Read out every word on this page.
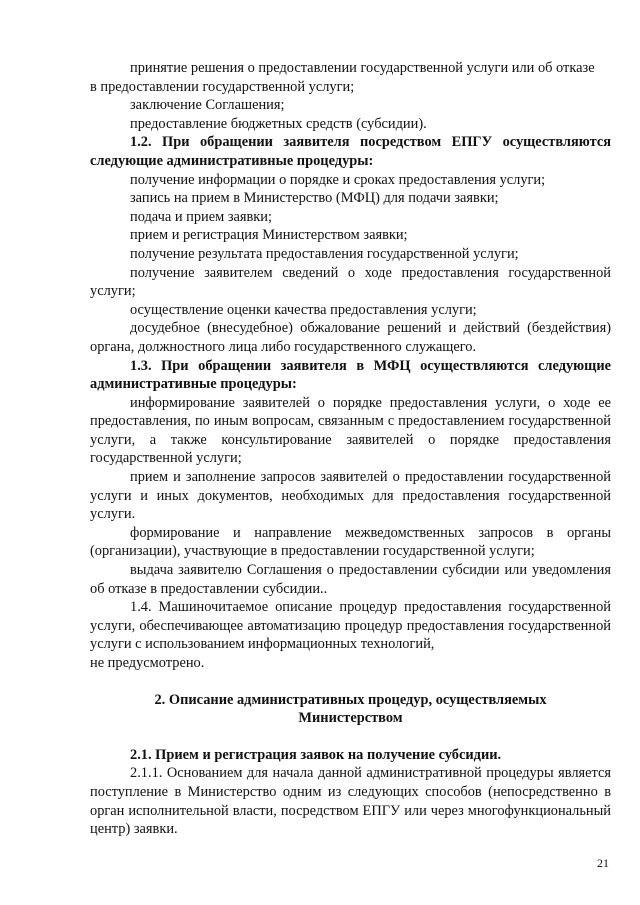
принятие решения о предоставлении государственной услуги или об отказе

в предоставлении государственной услуги;

заключение Соглашения;

предоставление бюджетных средств (субсидии).

1.2. При обращении заявителя посредством ЕПГУ осуществляются следующие административные процедуры:

получение информации о порядке и сроках предоставления услуги;

запись на прием в Министерство (МФЦ) для подачи заявки;

подача и прием заявки;

прием и регистрация Министерством заявки;

получение результата предоставления государственной услуги;

получение заявителем сведений о ходе предоставления государственной услуги;

осуществление оценки качества предоставления услуги;

досудебное (внесудебное) обжалование решений и действий (бездействия) органа, должностного лица либо государственного служащего.

1.3. При обращении заявителя в МФЦ осуществляются следующие административные процедуры:

информирование заявителей о порядке предоставления услуги, о ходе ее предоставления, по иным вопросам, связанным с предоставлением государственной услуги, а также консультирование заявителей о порядке предоставления государственной услуги;

прием и заполнение запросов заявителей о предоставлении государственной услуги и иных документов, необходимых для предоставления государственной услуги.

формирование и направление межведомственных запросов в органы (организации), участвующие в предоставлении государственной услуги;

выдача заявителю Соглашения о предоставлении субсидии или уведомления об отказе в предоставлении субсидии..

1.4. Машиночитаемое описание процедур предоставления государственной услуги, обеспечивающее автоматизацию процедур предоставления государственной услуги с использованием информационных технологий,

не предусмотрено.

2. Описание административных процедур, осуществляемых

Министерством

2.1. Прием и регистрация заявок на получение субсидии.

2.1.1. Основанием для начала данной административной процедуры является поступление в Министерство одним из следующих способов (непосредственно в орган исполнительной власти, посредством ЕПГУ или через многофункциональный центр) заявки.

21
